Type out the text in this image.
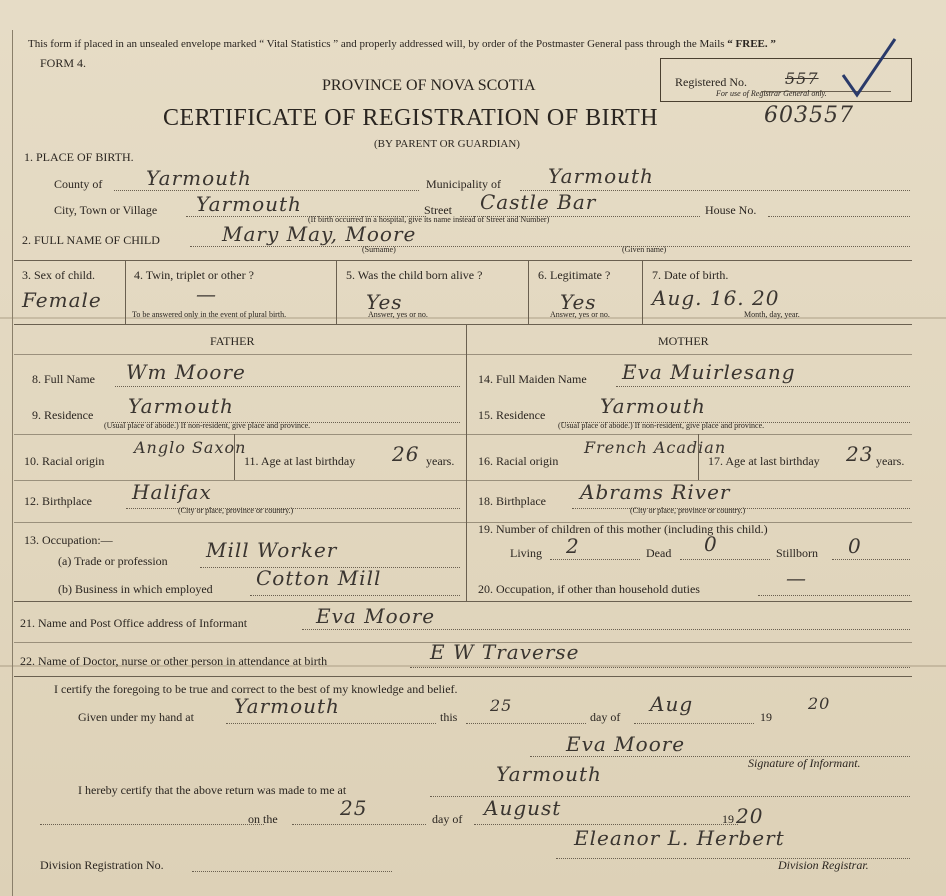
This form if placed in an unsealed envelope marked “ Vital Statistics ” and properly addressed will, by order of the Postmaster General pass through the Mails “ FREE. ”
FORM 4.
Registered No. 557
For use of Registrar General only.
PROVINCE OF NOVA SCOTIA
CERTIFICATE OF REGISTRATION OF BIRTH	603557
(BY PARENT OR GUARDIAN)
1. PLACE OF BIRTH.
County of Yarmouth	Municipality of Yarmouth
City, Town or Village Yarmouth	Street Castle Bar	House No.
(If birth occurred in a hospital, give its name instead of Street and Number)
2. FULL NAME OF CHILD	Mary May, Moore
(Surname)	(Given name)
3. Sex of child.
Female
4. Twin, triplet or other ?
—
To be answered only in the event of plural birth.
5. Was the child born alive ?
Yes
Answer, yes or no.
6. Legitimate ?
Yes
Answer, yes or no.
7. Date of birth.
Aug. 16. 20
Month, day, year.
FATHER	MOTHER
8. Full Name Wm Moore
9. Residence Yarmouth
(Usual place of abode.) If non-resident, give place and province.
10. Racial origin
Anglo Saxon
11. Age at last birthday 26 years.
12. Birthplace Halifax
(City or place, province or country.)
13. Occupation:—
(a) Trade or profession Mill Worker
(b) Business in which employed Cotton Mill
14. Full Maiden Name Eva Muirlesang
15. Residence	Yarmouth
(Usual place of abode.) If non-resident, give place and province.
16. Racial origin
French Acadian
17. Age at last birthday 23 years.
18. Birthplace Abrams River
(City or place, province or country.)
19. Number of children of this mother (including this child.)
Living 2	Dead 0	Stillborn 0
20. Occupation, if other than household duties	—
21. Name and Post Office address of Informant	Eva Moore
22. Name of Doctor, nurse or other person in attendance at birth	E W Traverse
I certify the foregoing to be true and correct to the best of my knowledge and belief.
Given under my hand at Yarmouth	this
25
day of
Aug
19
20
Eva Moore
Signature of Informant.
I hereby certify that the above return was made to me at
Yarmouth
on the	25	day of August	19 20
Eleanor L. Herbert
Division Registrar.
Division Registration No.
